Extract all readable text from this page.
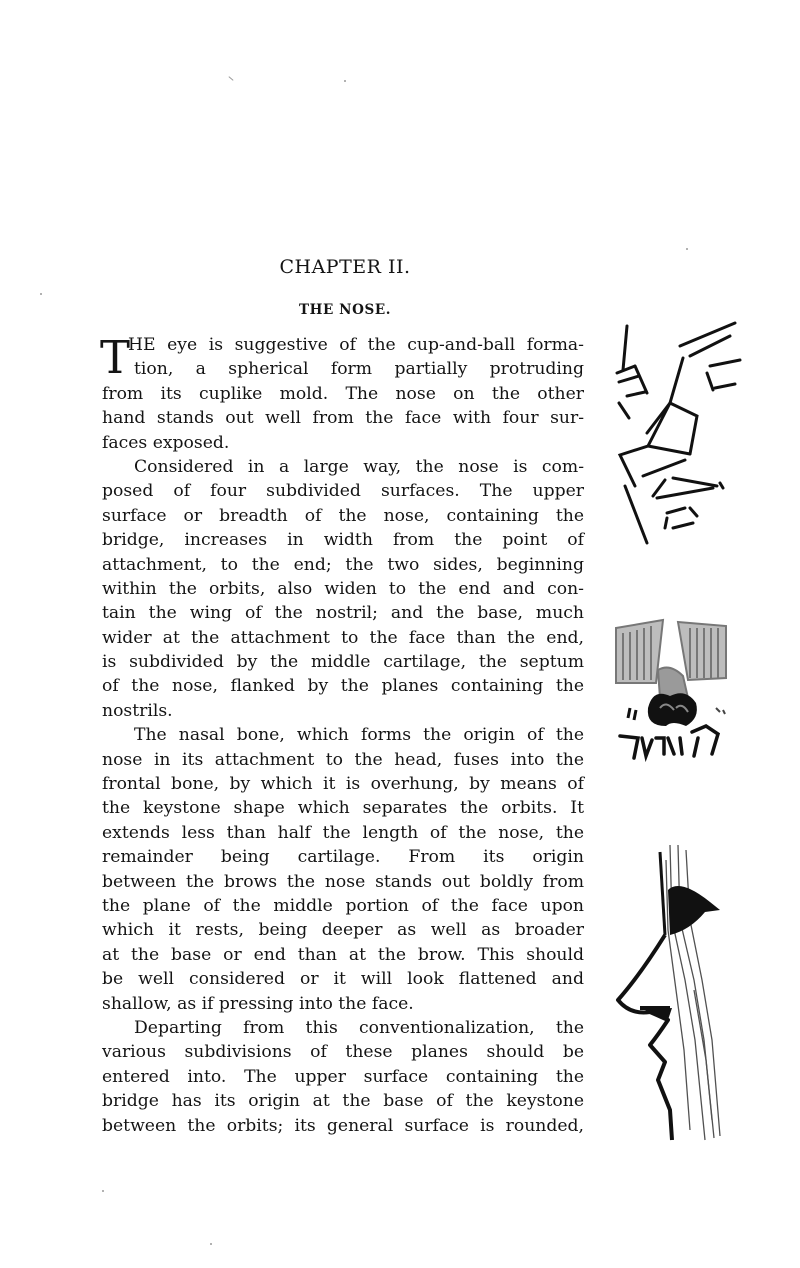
CHAPTER II.
THE NOSE.
T
HE eye is suggestive of the cup-and-ball forma-
tion, a spherical form partially protruding
from its cuplike mold. The nose on the other
hand stands out well from the face with four sur-
faces exposed.
Considered in a large way, the nose is com-
posed of four subdivided surfaces. The upper
surface or breadth of the nose, containing the
bridge, increases in width from the point of
attachment, to the end; the two sides, beginning
within the orbits, also widen to the end and con-
tain the wing of the nostril; and the base, much
wider at the attachment to the face than the end,
is subdivided by the middle cartilage, the septum
of the nose, flanked by the planes containing the
nostrils.
The nasal bone, which forms the origin of the
nose in its attachment to the head, fuses into the
frontal bone, by which it is overhung, by means of
the keystone shape which separates the orbits. It
extends less than half the length of the nose, the
remainder being cartilage. From its origin
between the brows the nose stands out boldly from
the plane of the middle portion of the face upon
which it rests, being deeper as well as broader
at the base or end than at the brow. This should
be well considered or it will look flattened and
shallow, as if pressing into the face.
Departing from this conventionalization, the
various subdivisions of these planes should be
entered into. The upper surface containing the
bridge has its origin at the base of the keystone
between the orbits; its general surface is rounded,
